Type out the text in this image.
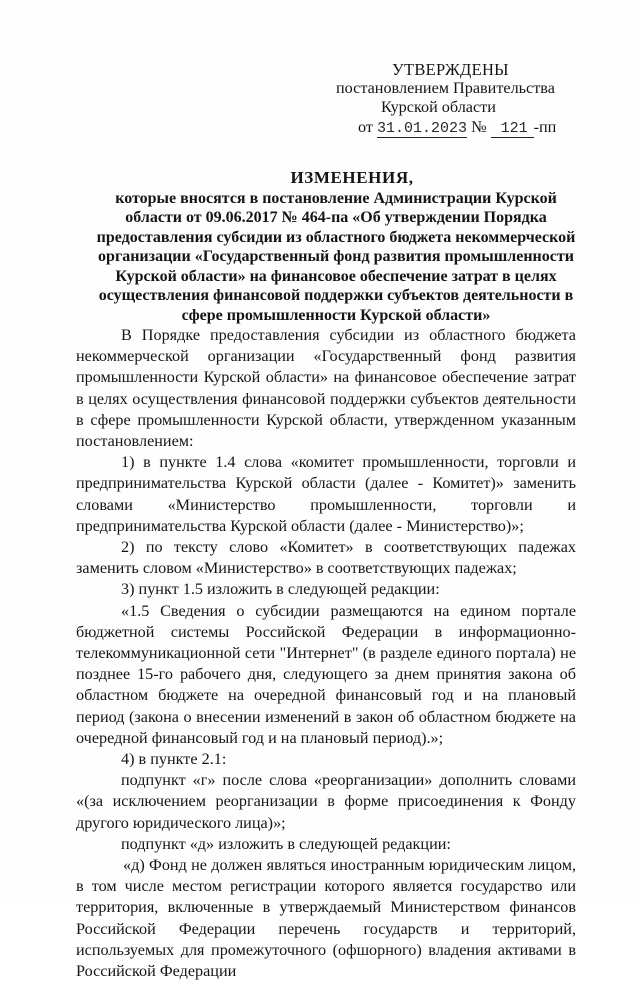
УТВЕРЖДЕНЫ
постановлением Правительства
Курской области
от 31.01.2023 № 121 -пп
ИЗМЕНЕНИЯ,
которые вносятся в постановление Администрации Курской области от 09.06.2017 № 464-па «Об утверждении Порядка предоставления субсидии из областного бюджета некоммерческой организации «Государственный фонд развития промышленности Курской области» на финансовое обеспечение затрат в целях осуществления финансовой поддержки субъектов деятельности в сфере промышленности Курской области»

В Порядке предоставления субсидии из областного бюджета некоммерческой организации «Государственный фонд развития промышленности Курской области» на финансовое обеспечение затрат в целях осуществления финансовой поддержки субъектов деятельности в сфере промышленности Курской области, утвержденном указанным постановлением:

1) в пункте 1.4 слова «комитет промышленности, торговли и предпринимательства Курской области (далее - Комитет)» заменить словами «Министерство промышленности, торговли и предпринимательства Курской области (далее - Министерство)»;

2) по тексту слово «Комитет» в соответствующих падежах заменить словом «Министерство» в соответствующих падежах;

3) пункт 1.5 изложить в следующей редакции:

«1.5 Сведения о субсидии размещаются на едином портале бюджетной системы Российской Федерации в информационно-телекоммуникационной сети "Интернет" (в разделе единого портала) не позднее 15-го рабочего дня, следующего за днем принятия закона об областном бюджете на очередной финансовый год и на плановый период (закона о внесении изменений в закон об областном бюджете на очередной финансовый год и на плановый период).»;

4) в пункте 2.1:

подпункт «г» после слова «реорганизации» дополнить словами «(за исключением реорганизации в форме присоединения к Фонду другого юридического лица)»;

подпункт «д» изложить в следующей редакции:

«д) Фонд не должен являться иностранным юридическим лицом, в том числе местом регистрации которого является государство или территория, включенные в утверждаемый Министерством финансов Российской Федерации перечень государств и территорий, используемых для промежуточного (офшорного) владения активами в Российской Федерации
